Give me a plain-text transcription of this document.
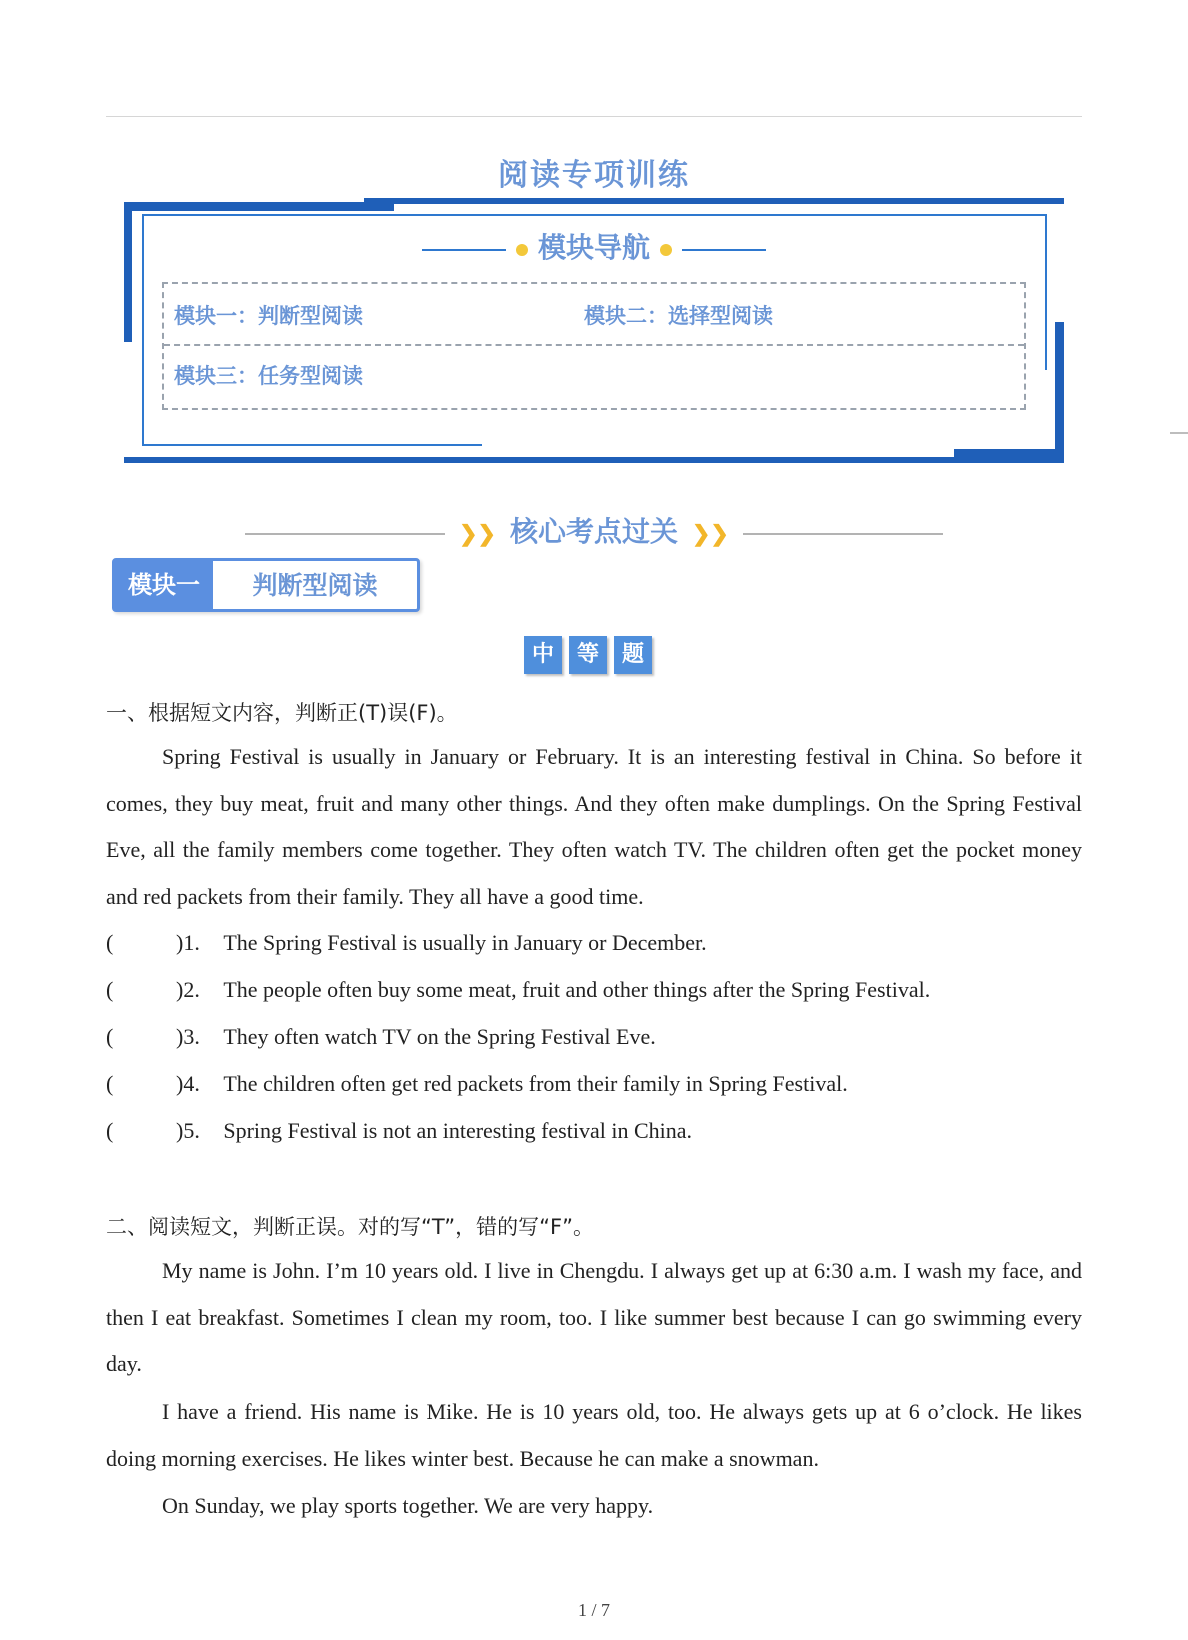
阅读专项训练
模块导航
模块一：判断型阅读	模块二：选择型阅读
模块三：任务型阅读
❯❯ 核心考点过关 ❯❯
模块一	判断型阅读
中 等 题
一、根据短文内容，判断正(T)误(F)。
Spring Festival is usually in January or February. It is an interesting festival in China. So before it comes, they buy meat, fruit and many other things. And they often make dumplings. On the Spring Festival Eve, all the family members come together. They often watch TV. The children often get the pocket money and red packets from their family. They all have a good time.
(	)1. The Spring Festival is usually in January or December.
(	)2. The people often buy some meat, fruit and other things after the Spring Festival.
(	)3. They often watch TV on the Spring Festival Eve.
(	)4. The children often get red packets from their family in Spring Festival.
(	)5. Spring Festival is not an interesting festival in China.
二、阅读短文，判断正误。对的写“T”，错的写“F”。
My name is John. I’m 10 years old. I live in Chengdu. I always get up at 6:30 a.m. I wash my face, and then I eat breakfast. Sometimes I clean my room, too. I like summer best because I can go swimming every day.
I have a friend. His name is Mike. He is 10 years old, too. He always gets up at 6 o’clock. He likes doing morning exercises. He likes winter best. Because he can make a snowman.
On Sunday, we play sports together. We are very happy.
1 / 7
